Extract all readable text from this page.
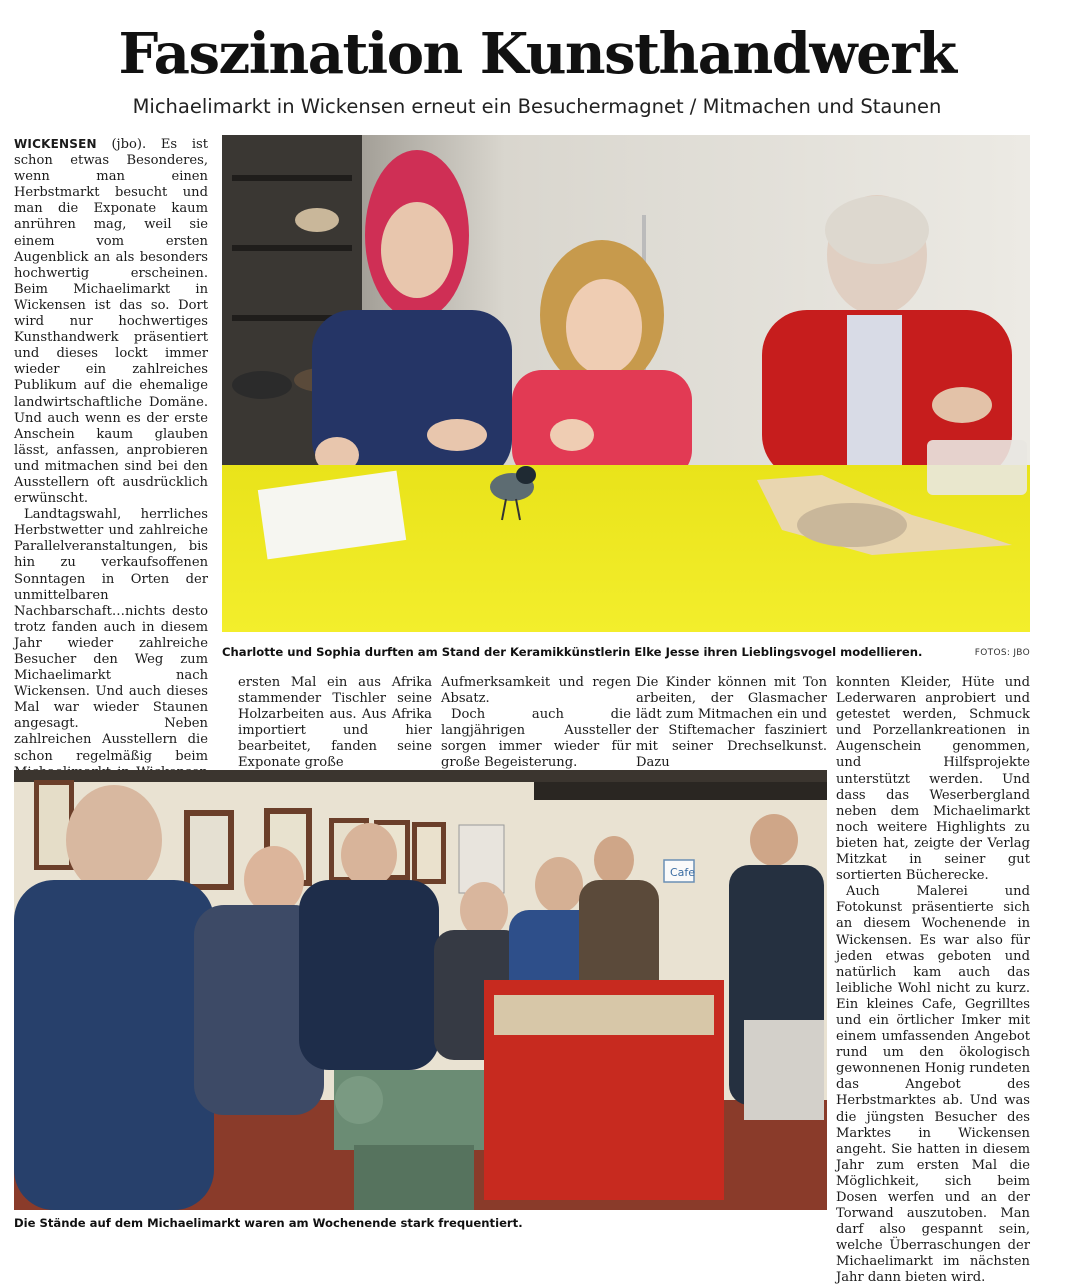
Faszination Kunsthandwerk
Michaelimarkt in Wickensen erneut ein Besuchermagnet / Mitmachen und Staunen

WICKENSEN (jbo). Es ist schon etwas Besonderes, wenn man einen Herbstmarkt besucht und man die Exponate kaum anrühren mag, weil sie einem vom ersten Augenblick an als besonders hochwertig erscheinen. Beim Michaelimarkt in Wickensen ist das so. Dort wird nur hochwertiges Kunsthandwerk präsentiert und dieses lockt immer wieder ein zahlreiches Publikum auf die ehemalige landwirtschaftliche Domäne. Und auch wenn es der erste Anschein kaum glauben lässt, anfassen, anprobieren und mitmachen sind bei den Ausstellern oft ausdrücklich erwünscht.

Landtagswahl, herrliches Herbstwetter und zahlreiche Parallelveranstaltungen, bis hin zu verkaufsoffenen Sonntagen in Orten der unmittelbaren Nachbarschaft…nichts desto trotz fanden auch in diesem Jahr wieder zahlreiche Besucher den Weg zum Michaelimarkt nach Wickensen. Und auch dieses Mal war wieder Staunen angesagt. Neben zahlreichen Ausstellern die schon regelmäßig beim

Charlotte und Sophia durften am Stand der Keramikkünstlerin Elke Jesse ihren Lieblingsvogel modellieren.	FOTOS: JBO

ersten Mal ein aus Afrika stammender Tischler seine Holzarbeiten aus. Aus Afrika importiert und hier bearbeitet, fanden seine Exponate große

Aufmerksamkeit und regen Absatz.

Doch auch die langjährigen Aussteller sorgen immer wieder für große Begeisterung.

Die Kinder können mit Ton arbeiten, der Glasmacher lädt zum Mitmachen ein und der Stiftemacher fasziniert mit seiner Drechselkunst. Dazu

konnten Kleider, Hüte und Lederwaren anprobiert und getestet werden, Schmuck und Porzellankreationen in Augenschein genommen, und Hilfsprojekte unterstützt werden. Und dass das Weserbergland neben dem Michaelimarkt noch weitere Highlights zu bieten hat, zeigte der Verlag Mitzkat in seiner gut sortierten Büchereckе.

Auch Malerei und Fotokunst präsentierte sich an diesem Wochenende in Wickensen. Es war also für jeden etwas geboten und natürlich kam auch das leibliche Wohl nicht zu kurz. Ein kleines Cafe, Gegrilltes und ein örtlicher Imker mit einem umfassenden Angebot rund um den ökologisch gewonnenen Honig rundeten das Angebot des Herbstmarktes ab. Und was die jüngsten Besucher des Marktes in Wickensen angeht. Sie hatten in diesem Jahr zum ersten Mal die Möglichkeit, sich beim Dosen werfen und an der Torwand auszutoben. Man darf also gespannt sein, welche Überraschungen der Michaelimarkt im nächsten Jahr dann bieten wird.

Cafe
Die Stände auf dem Michaelimarkt waren am Wochenende stark frequentiert.
